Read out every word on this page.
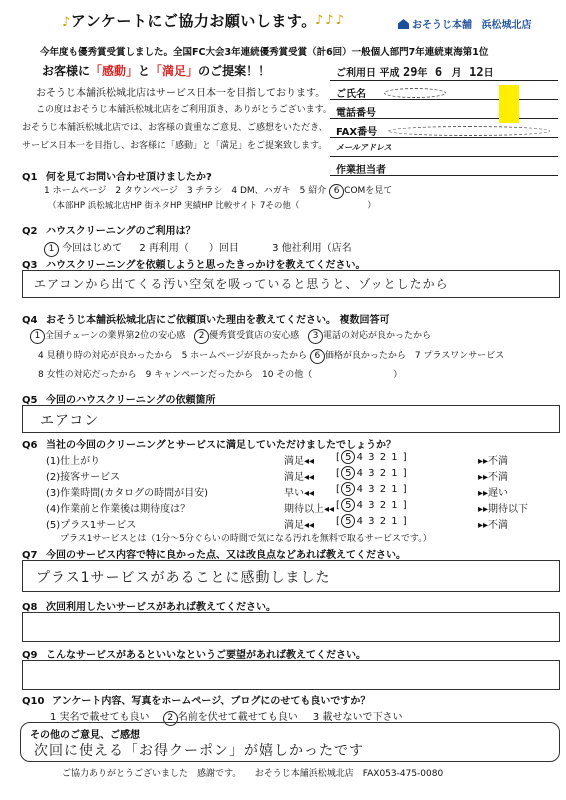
♪アンケートにご協力お願いします。
♪♪♪	おそうじ本舗 浜松城北店
今年度も優秀賞受賞しました。全国FC大会3年連続優秀賞受賞（計6回）一般個人部門7年連続東海第1位
お客様に「感動」と「満足」のご提案！！
おそうじ本舗浜松城北店はサービス日本一を目指しております。
この度はおそうじ本舗浜松城北店をご利用頂き、ありがとうございます。
おそうじ本舗浜松城北店では、お客様の貴重なご意見、ご感想をいただき、
サービス日本一を目指し、お客様に「感動」と「満足」をご提案致します。
ご利用日 平成 29年 6 月 12日
ご氏名
電話番号
FAX番号
メールアドレス
作業担当者
Q1 何を見てお問い合わせ頂けましたか?
1 ホームページ　2 タウンページ　3 チラシ　4 DM、ハガキ　5 紹介 6 COMを見て
（本部HP 浜松城北店HP 街ネタHP 実績HP 比較サイト 7その他（　　　　　　　　）
Q2 ハウスクリーニングのご利用は？
1 今回はじめて 2 再利用（　　）回目	3 他社利用（店名
Q3 ハウスクリーニングを依頼しようと思ったきっかけを教えてください。
エアコンから出てくる汚い空気を吸っていると思うと、ゾッとしたから
Q4 おそうじ本舗浜松城北店にご依頼頂いた理由を教えてください。 複数回答可
1 全国チェーンの業界第2位の安心感 2 優秀賞受賞店の安心感 3 電話の対応が良かったから
4 見積り時の対応が良かったから　5 ホームページが良かったから 6 価格が良かったから　7 プラスワンサービス
8 女性の対応だったから　9 キャンペーンだったから　10 その他（　　　　　　　　　）
Q5 今回のハウスクリーニングの依頼箇所
エアコン
Q6 当社の今回のクリーニングとサービスに満足していただけましたでしょうか？
(1)仕上がり	満足◂◂ [ 5 4 3 2 1 ]	▸▸不満
(2)接客サービス	満足◂◂ [ 5 4 3 2 1 ]	▸▸不満
(3)作業時間(カタログの時間が目安)	早い◂◂ [ 5 4 3 2 1 ]	▸▸遅い
(4)作業前と作業後は期待度は？	期待以上◂◂ [ 5 4 3 2 1 ]	▸▸期待以下
(5)プラス1サービス	満足◂◂ [ 5 4 3 2 1 ]	▸▸不満
プラス1サービスとは（1分～5分ぐらいの時間で気になる汚れを無料で取るサービスです。）
Q7 今回のサービス内容で特に良かった点、又は改良点などあれば教えてください。
プラス1サービスがあることに感動しました
Q8 次回利用したいサービスがあれば教えてください。
Q9 こんなサービスがあるといいなというご要望があれば教えてください。
Q10 アンケート内容、写真をホームページ、ブログにのせても良いですか？
1 実名で載せても良い 2 名前を伏せて載せても良い 3 載せないで下さい
その他のご意見、ご感想
次回に使える「お得クーポン」が嬉しかったです
ご協力ありがとうございました　感謝です。　　おそうじ本舗浜松城北店　FAX053-475-0080
